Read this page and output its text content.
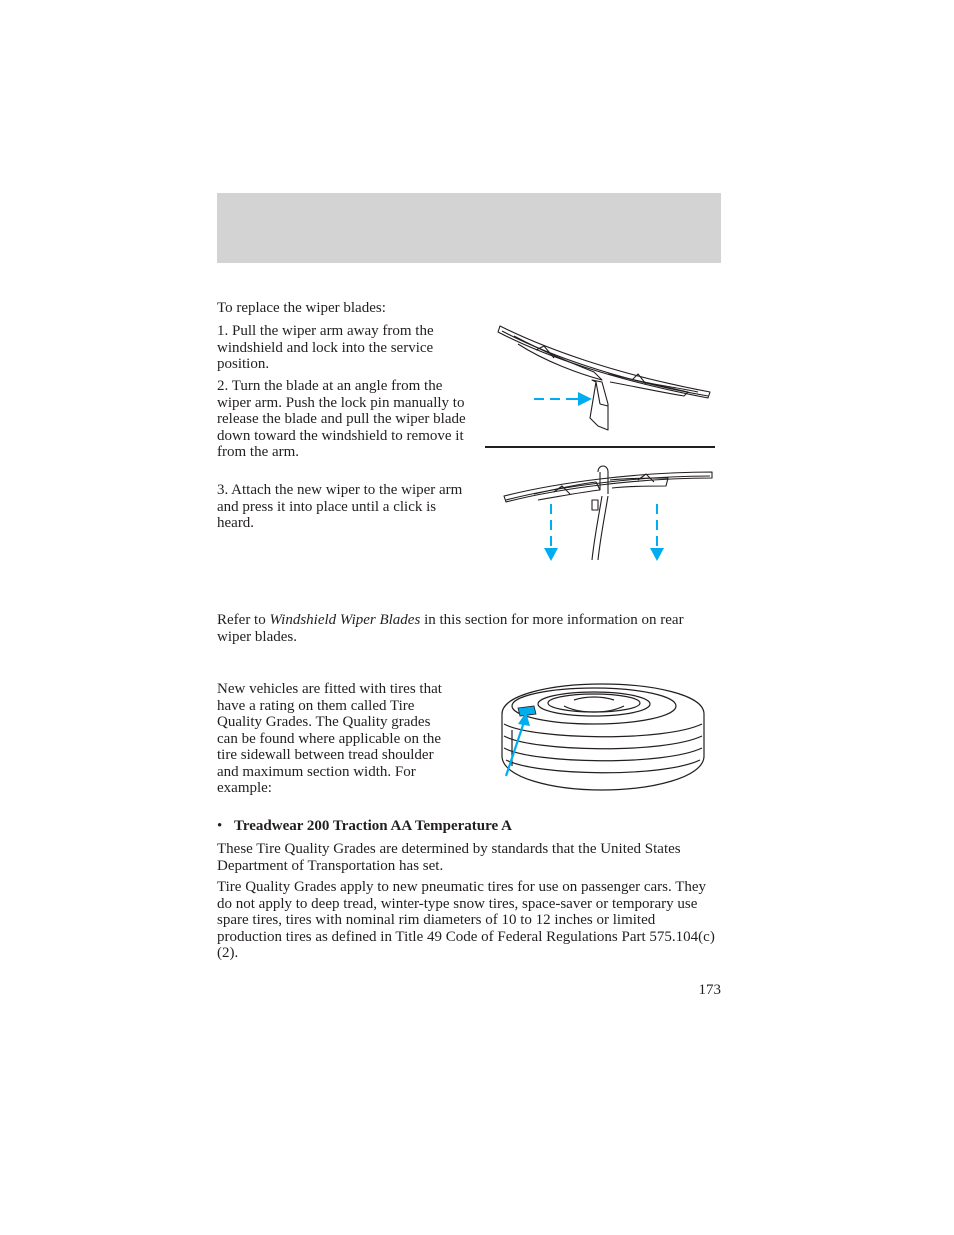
To replace the wiper blades:

1. Pull the wiper arm away from the windshield and lock into the service position.

2. Turn the blade at an angle from the wiper arm. Push the lock pin manually to release the blade and pull the wiper blade down toward the windshield to remove it from the arm.

3. Attach the new wiper to the wiper arm and press it into place until a click is heard.

Refer to Windshield Wiper Blades in this section for more information on rear wiper blades.

New vehicles are fitted with tires that have a rating on them called Tire Quality Grades. The Quality grades can be found where applicable on the tire sidewall between tread shoulder and maximum section width. For example:

• Treadwear 200 Traction AA Temperature A

These Tire Quality Grades are determined by standards that the United States Department of Transportation has set.

Tire Quality Grades apply to new pneumatic tires for use on passenger cars. They do not apply to deep tread, winter-type snow tires, space-saver or temporary use spare tires, tires with nominal rim diameters of 10 to 12 inches or limited production tires as defined in Title 49 Code of Federal Regulations Part 575.104(c)(2).

173
